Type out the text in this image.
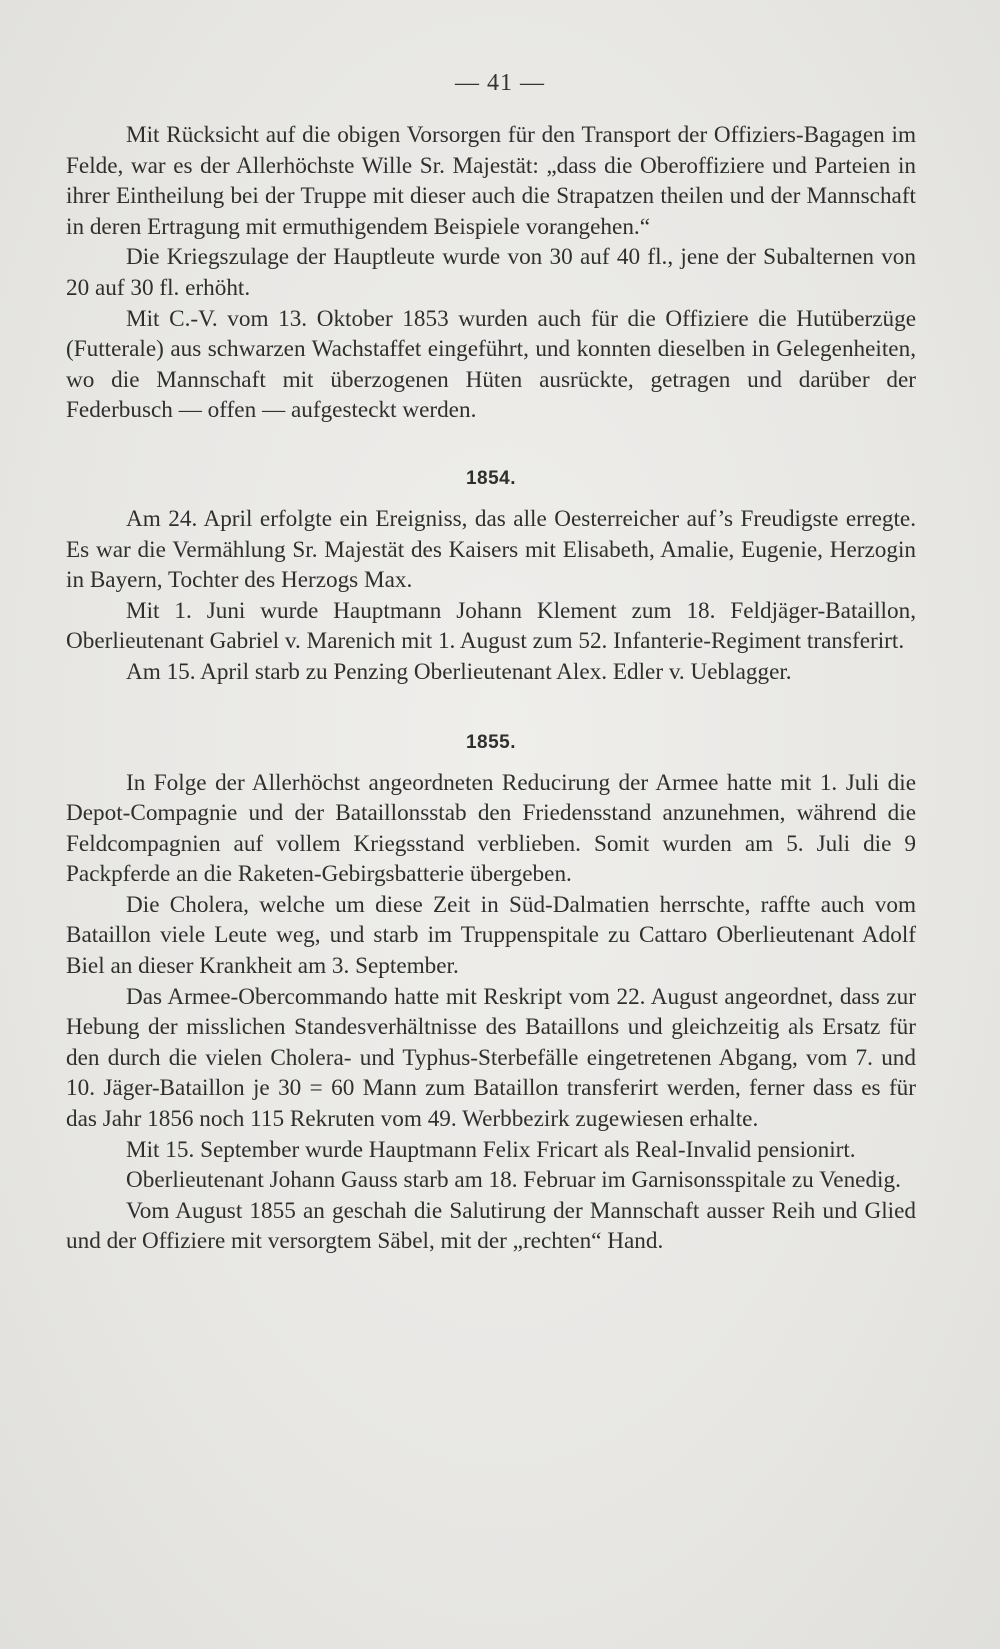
— 41 —

Mit Rücksicht auf die obigen Vorsorgen für den Transport der Offiziers-Bagagen im Felde, war es der Allerhöchste Wille Sr. Majestät: „dass die Oberoffiziere und Parteien in ihrer Eintheilung bei der Truppe mit dieser auch die Strapatzen theilen und der Mannschaft in deren Ertragung mit ermuthigendem Beispiele vorangehen.“

Die Kriegszulage der Hauptleute wurde von 30 auf 40 fl., jene der Subalternen von 20 auf 30 fl. erhöht.

Mit C.-V. vom 13. Oktober 1853 wurden auch für die Offiziere die Hutüberzüge (Futterale) aus schwarzen Wachstaffet eingeführt, und konnten dieselben in Gelegenheiten, wo die Mannschaft mit überzogenen Hüten ausrückte, getragen und darüber der Federbusch — offen — aufgesteckt werden.

1854.

Am 24. April erfolgte ein Ereigniss, das alle Oesterreicher auf’s Freudigste erregte. Es war die Vermählung Sr. Majestät des Kaisers mit Elisabeth, Amalie, Eugenie, Herzogin in Bayern, Tochter des Herzogs Max.

Mit 1. Juni wurde Hauptmann Johann Klement zum 18. Feldjäger-Bataillon, Oberlieutenant Gabriel v. Marenich mit 1. August zum 52. Infanterie-Regiment transferirt.

Am 15. April starb zu Penzing Oberlieutenant Alex. Edler v. Ueblagger.

1855.

In Folge der Allerhöchst angeordneten Reducirung der Armee hatte mit 1. Juli die Depot-Compagnie und der Bataillonsstab den Friedensstand anzunehmen, während die Feldcompagnien auf vollem Kriegsstand verblieben. Somit wurden am 5. Juli die 9 Packpferde an die Raketen-Gebirgsbatterie übergeben.

Die Cholera, welche um diese Zeit in Süd-Dalmatien herrschte, raffte auch vom Bataillon viele Leute weg, und starb im Truppenspitale zu Cattaro Oberlieutenant Adolf Biel an dieser Krankheit am 3. September.

Das Armee-Obercommando hatte mit Reskript vom 22. August angeordnet, dass zur Hebung der misslichen Standesverhältnisse des Bataillons und gleichzeitig als Ersatz für den durch die vielen Cholera- und Typhus-Sterbefälle eingetretenen Abgang, vom 7. und 10. Jäger-Bataillon je 30 = 60 Mann zum Bataillon transferirt werden, ferner dass es für das Jahr 1856 noch 115 Rekruten vom 49. Werbbezirk zugewiesen erhalte.

Mit 15. September wurde Hauptmann Felix Fricart als Real-Invalid pensionirt.

Oberlieutenant Johann Gauss starb am 18. Februar im Garnisonsspitale zu Venedig.

Vom August 1855 an geschah die Salutirung der Mannschaft ausser Reih und Glied und der Offiziere mit versorgtem Säbel, mit der „rechten“ Hand.
